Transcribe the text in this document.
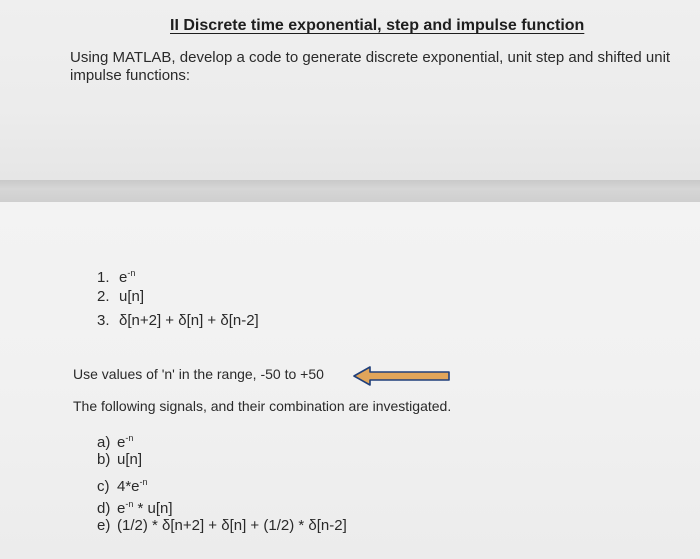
II Discrete time exponential, step and impulse function
Using MATLAB, develop a code to generate discrete exponential, unit step and shifted unit impulse functions:
1. $e^{-n}$
2. u[n]
3. δ[n+2] + δ[n] + δ[n-2]
Use values of 'n' in the range, -50 to +50
The following signals, and their combination are investigated.
a) $e^{-n}$
b) u[n]
c) $4*e^{-n}$
d) $e^{-n} * u[n]$
e) (1/2) * δ[n+2] + δ[n] + (1/2) * δ[n-2]
